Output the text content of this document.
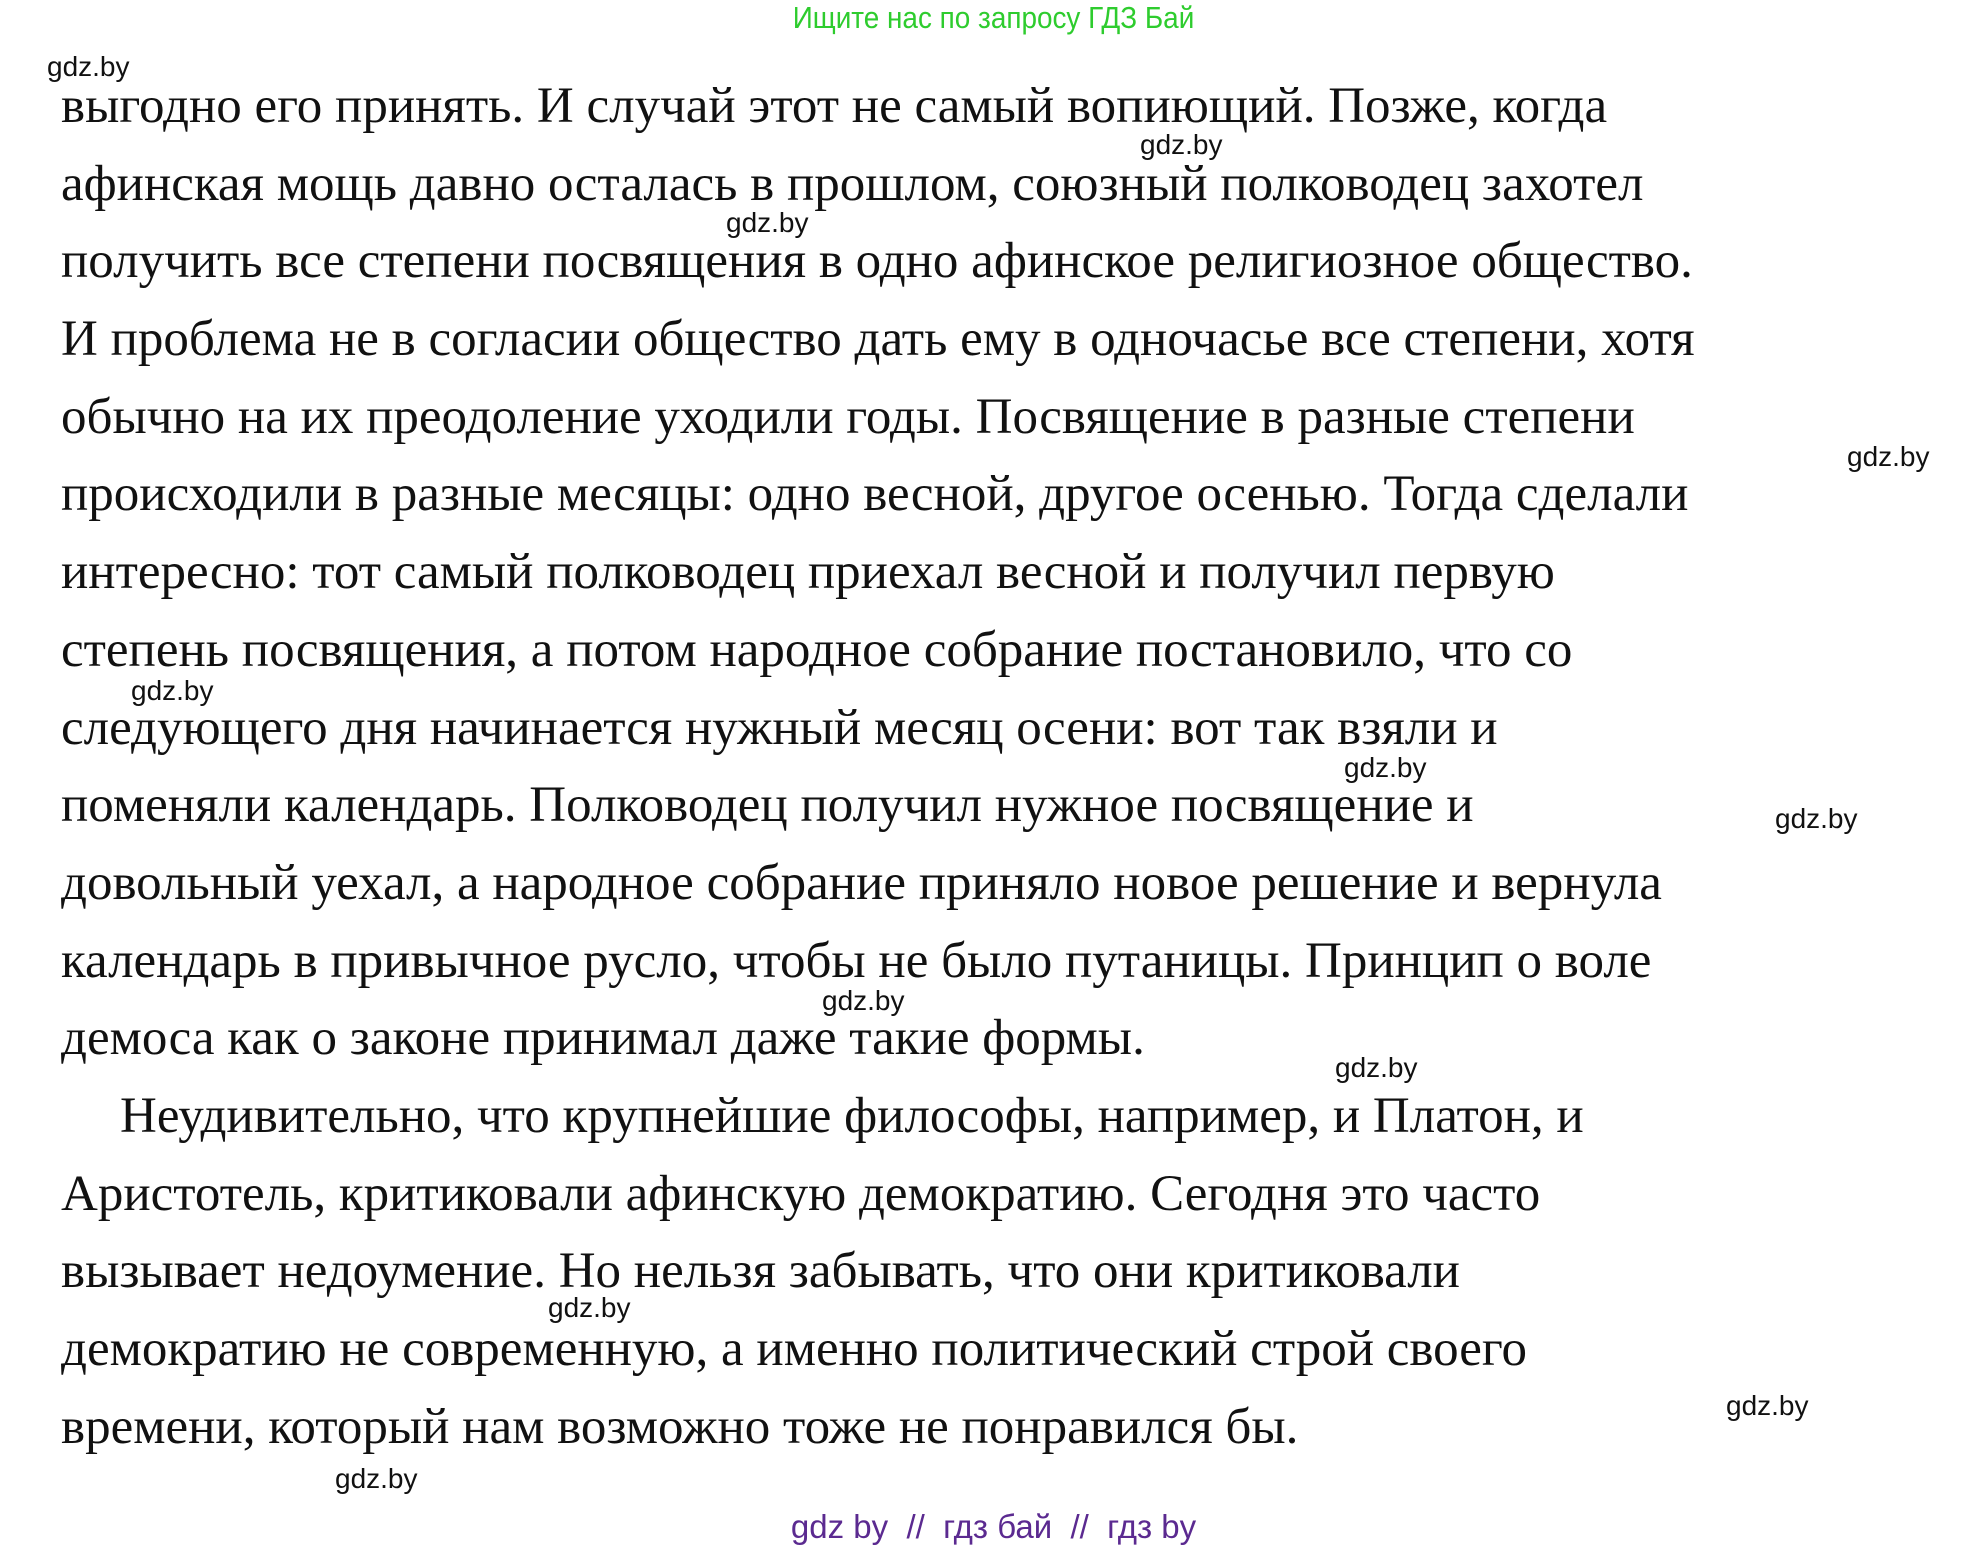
Ищите нас по запросу ГДЗ Бай
выгодно его принять. И случай этот не самый вопиющий. Позже, когда
афинская мощь давно осталась в прошлом, союзный полководец захотел
получить все степени посвящения в одно афинское религиозное общество.
И проблема не в согласии общество дать ему в одночасье все степени, хотя
обычно на их преодоление уходили годы. Посвящение в разные степени
происходили в разные месяцы: одно весной, другое осенью. Тогда сделали
интересно: тот самый полководец приехал весной и получил первую
степень посвящения, а потом народное собрание постановило, что со
следующего дня начинается нужный месяц осени: вот так взяли и
поменяли календарь. Полководец получил нужное посвящение и
довольный уехал, а народное собрание приняло новое решение и вернула
календарь в привычное русло, чтобы не было путаницы. Принцип о воле
демоса как о законе принимал даже такие формы.
Неудивительно, что крупнейшие философы, например, и Платон, и
Аристотель, критиковали афинскую демократию. Сегодня это часто
вызывает недоумение. Но нельзя забывать, что они критиковали
демократию не современную, а именно политический строй своего
времени, который нам возможно тоже не понравился бы.
gdz.by
gdz.by
gdz.by
gdz.by
gdz.by
gdz.by
gdz.by
gdz.by
gdz.by
gdz.by
gdz.by
gdz.by
gdz by  //  гдз бай  //  гдз by
